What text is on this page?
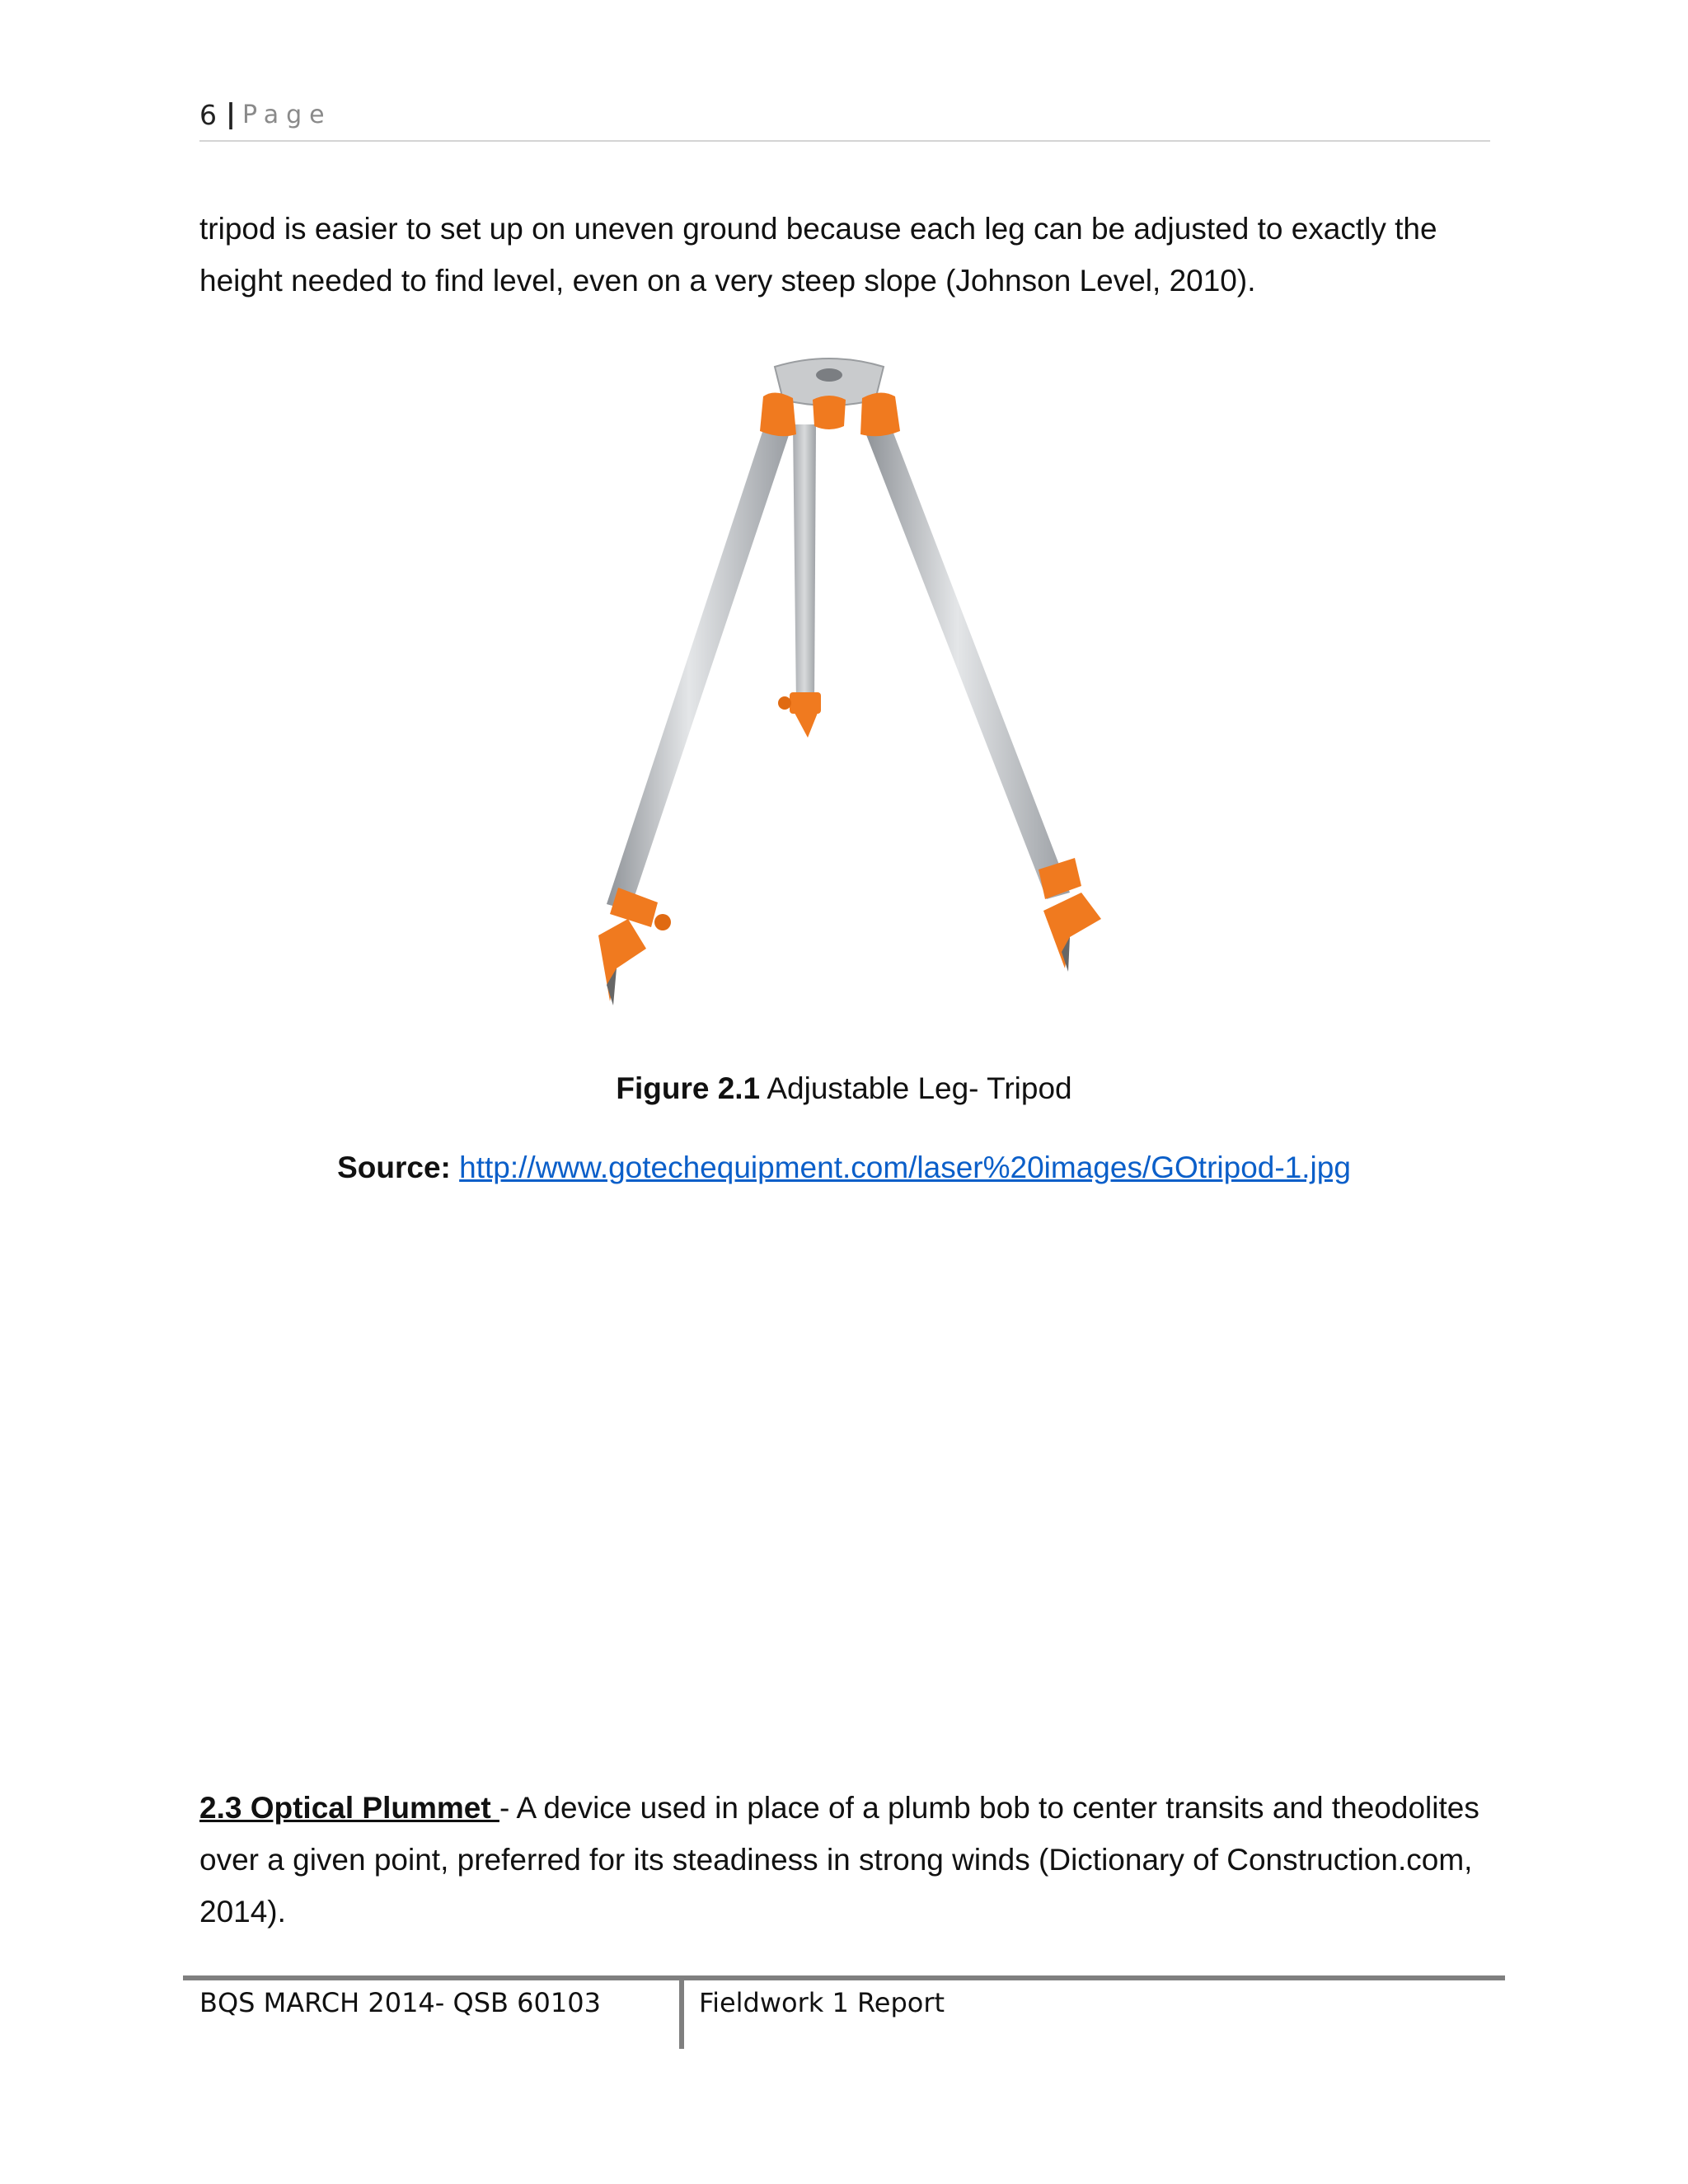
6 | Page

tripod is easier to set up on uneven ground because each leg can be adjusted to exactly the height needed to find level, even on a very steep slope (Johnson Level, 2010).

Figure 2.1 Adjustable Leg- Tripod
Source: http://www.gotechequipment.com/laser%20images/GOtripod-1.jpg

2.3 Optical Plummet - A device used in place of a plumb bob to center transits and theodolites over a given point, preferred for its steadiness in strong winds (Dictionary of Construction.com, 2014).

BQS MARCH 2014- QSB 60103	Fieldwork 1 Report
